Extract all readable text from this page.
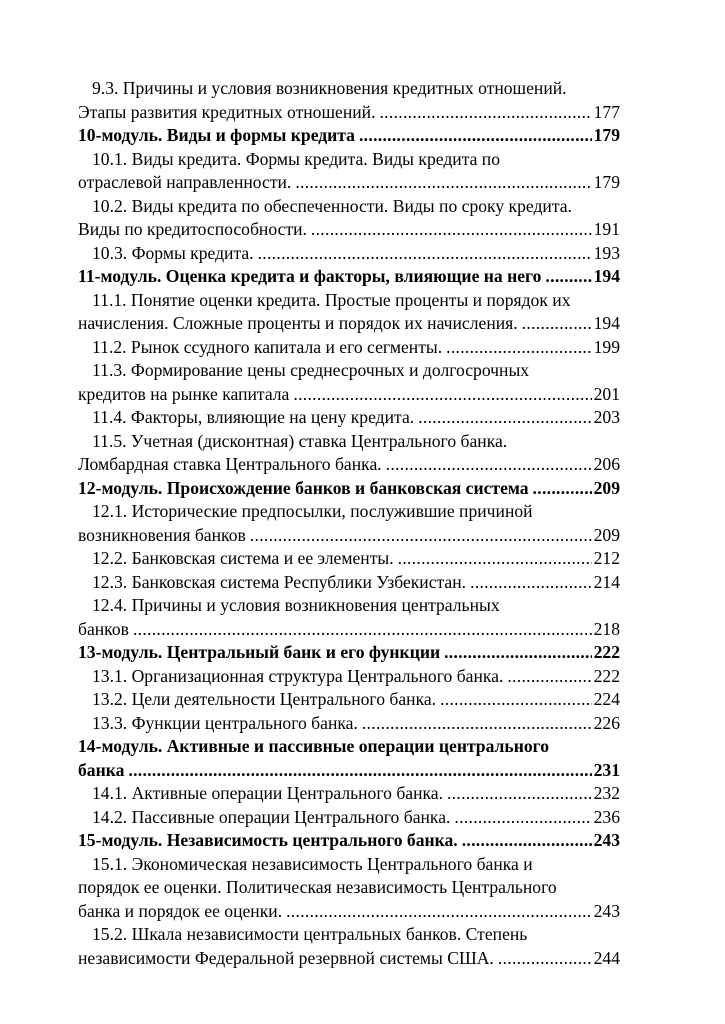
9.3. Причины и условия возникновения кредитных отношений.
Этапы развития кредитных отношений. .....	177
10-модуль. Виды и формы кредита .....	179
10.1. Виды кредита. Формы кредита. Виды кредита по
отраслевой направленности. .....	179
10.2. Виды кредита по обеспеченности. Виды по сроку кредита.
Виды по кредитоспособности. .....	191
10.3. Формы кредита. .....	193
11-модуль. Оценка кредита и факторы, влияющие на него .....	194
11.1. Понятие оценки кредита. Простые проценты и порядок их
начисления. Сложные проценты и порядок их начисления. .....	194
11.2. Рынок ссудного капитала и его сегменты. .....	199
11.3. Формирование цены среднесрочных и долгосрочных
кредитов на рынке капитала .....	201
11.4. Факторы, влияющие на цену кредита. .....	203
11.5. Учетная (дисконтная) ставка Центрального банка.
Ломбардная ставка Центрального банка. .....	206
12-модуль. Происхождение банков и банковская система .....	209
12.1. Исторические предпосылки, послужившие причиной
возникновения банков .....	209
12.2. Банковская система и ее элементы. .....	212
12.3. Банковская система Республики Узбекистан. .....	214
12.4. Причины и условия возникновения центральных
банков .....	218
13-модуль. Центральный банк и его функции .....	222
13.1. Организационная структура Центрального банка. .....	222
13.2. Цели деятельности Центрального банка. .....	224
13.3. Функции центрального банка. .....	226
14-модуль. Активные и пассивные операции центрального
банка .....	231
14.1. Активные операции Центрального банка. .....	232
14.2. Пассивные операции Центрального банка. .....	236
15-модуль. Независимость центрального банка. .....	243
15.1. Экономическая независимость Центрального банка и
порядок ее оценки. Политическая независимость Центрального
банка и порядок ее оценки. .....	243
15.2. Шкала независимости центральных банков. Степень
независимости Федеральной резервной системы США. .....	244
